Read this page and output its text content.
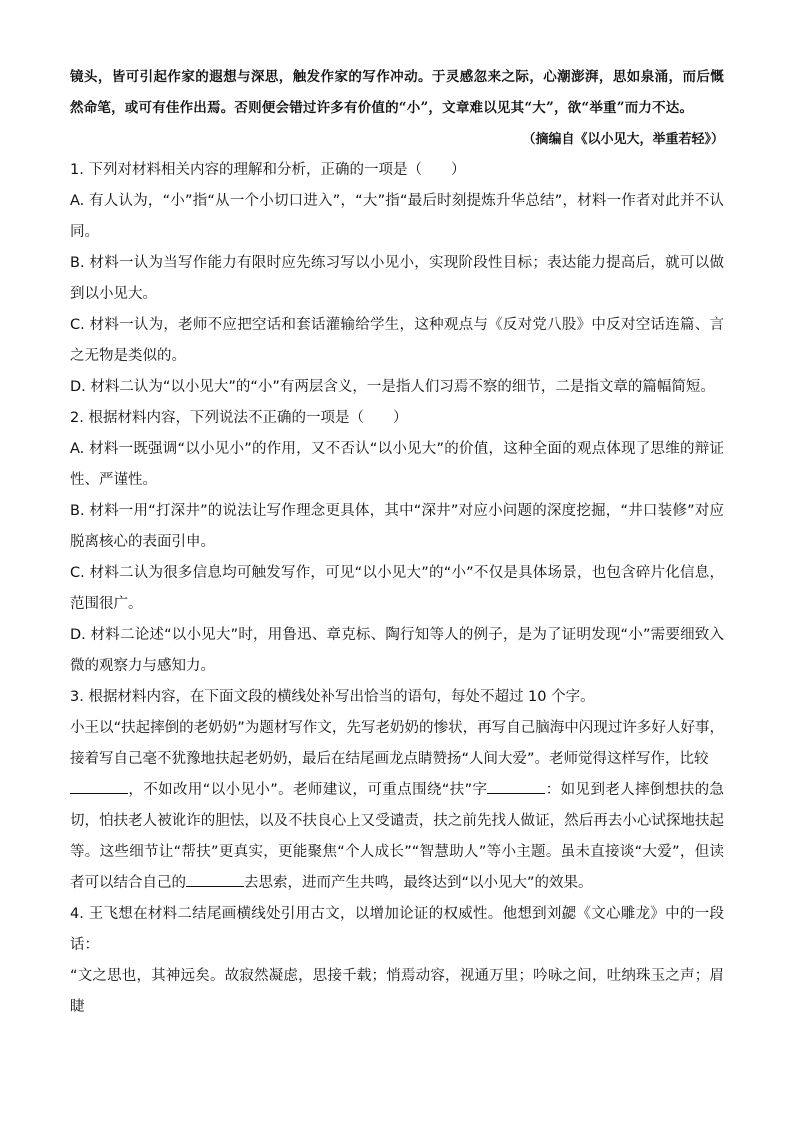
镜头，皆可引起作家的遐想与深思，触发作家的写作冲动。于灵感忽来之际，心潮澎湃，思如泉涌，而后慨然命笔，或可有佳作出焉。否则便会错过许多有价值的“小”，文章难以见其“大”，欲“举重”而力不达。

（摘编自《以小见大，举重若轻》）

1. 下列对材料相关内容的理解和分析，正确的一项是（　　）

A. 有人认为，“小”指“从一个小切口进入”，“大”指“最后时刻提炼升华总结”，材料一作者对此并不认同。

B. 材料一认为当写作能力有限时应先练习写以小见小，实现阶段性目标；表达能力提高后，就可以做到以小见大。

C. 材料一认为，老师不应把空话和套话灌输给学生，这种观点与《反对党八股》中反对空话连篇、言之无物是类似的。

D. 材料二认为“以小见大”的“小”有两层含义，一是指人们习焉不察的细节，二是指文章的篇幅简短。

2. 根据材料内容，下列说法不正确的一项是（　　）

A. 材料一既强调“以小见小”的作用，又不否认“以小见大”的价值，这种全面的观点体现了思维的辩证性、严谨性。

B. 材料一用“打深井”的说法让写作理念更具体，其中“深井”对应小问题的深度挖掘，“井口装修”对应脱离核心的表面引申。

C. 材料二认为很多信息均可触发写作，可见“以小见大”的“小”不仅是具体场景，也包含碎片化信息，范围很广。

D. 材料二论述“以小见大”时，用鲁迅、章克标、陶行知等人的例子，是为了证明发现“小”需要细致入微的观察力与感知力。

3. 根据材料内容，在下面文段的横线处补写出恰当的语句，每处不超过 10 个字。

小王以“扶起摔倒的老奶奶”为题材写作文，先写老奶奶的惨状，再写自己脑海中闪现过许多好人好事，接着写自己毫不犹豫地扶起老奶奶，最后在结尾画龙点睛赞扬“人间大爱”。老师觉得这样写作，比较
，不如改用“以小见小”。老师建议，可重点围绕“扶”字	：如见到老人摔倒想扶的急切，怕扶老人被讹诈的胆怯，以及不扶良心上又受谴责，扶之前先找人做证，然后再去小心试探地扶起等。这些细节让“帮扶”更真实，更能聚焦“个人成长”“智慧助人”等小主题。虽未直接谈“大爱”，但读者可以结合自己的	去思索，进而产生共鸣，最终达到“以小见大”的效果。

4. 王飞想在材料二结尾画横线处引用古文，以增加论证的权威性。他想到刘勰《文心雕龙》中的一段话：

“文之思也，其神远矣。故寂然凝虑，思接千载；悄焉动容，视通万里；吟咏之间，吐纳珠玉之声；眉睫
